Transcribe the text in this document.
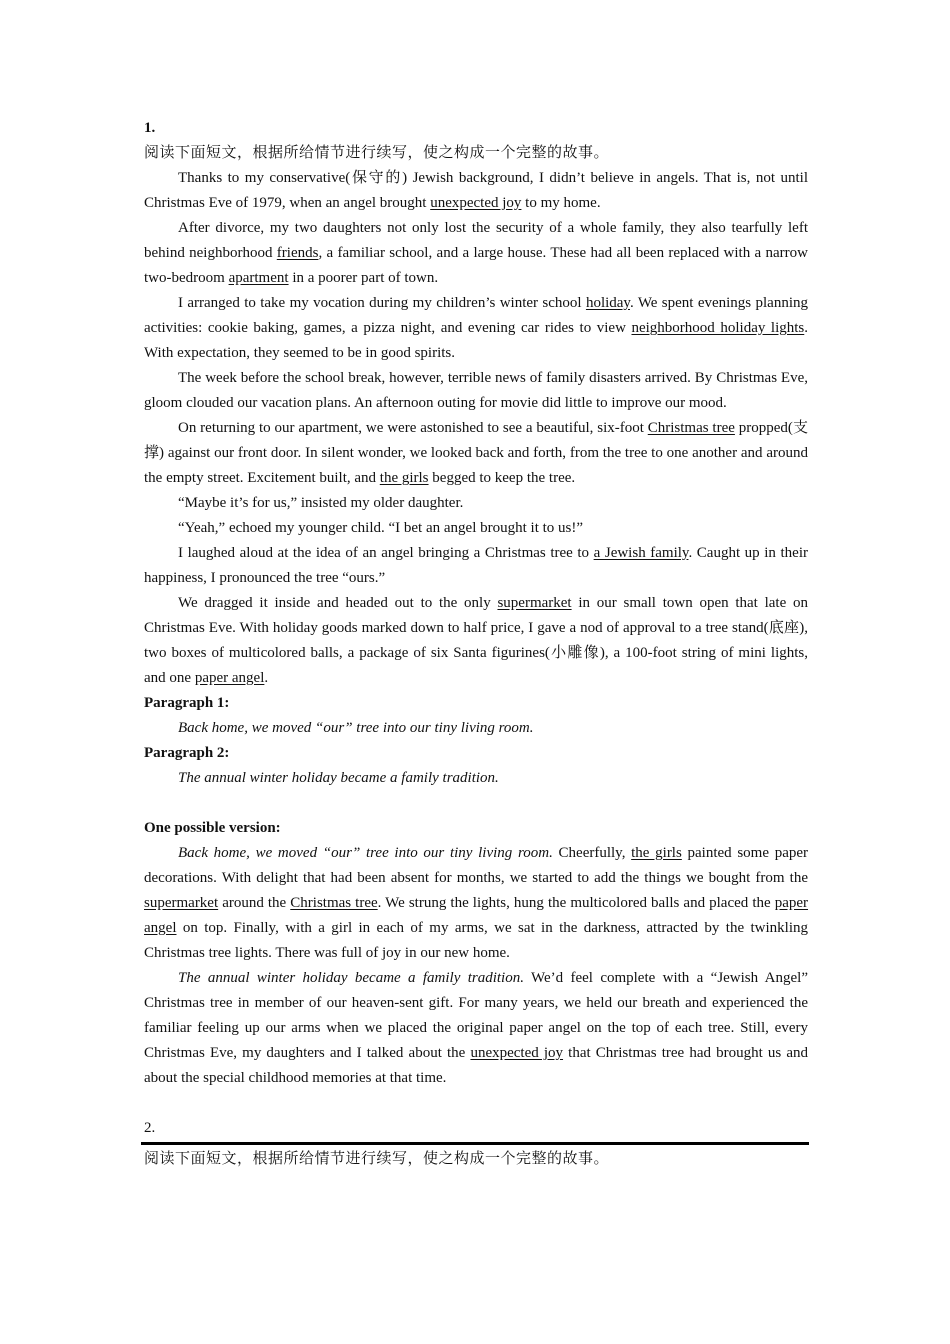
1.

阅读下面短文，根据所给情节进行续写，使之构成一个完整的故事。

Thanks to my conservative(保守的) Jewish background, I didn’t believe in angels. That is, not until Christmas Eve of 1979, when an angel brought unexpected joy to my home.

After divorce, my two daughters not only lost the security of a whole family, they also tearfully left behind neighborhood friends, a familiar school, and a large house. These had all been replaced with a narrow two-bedroom apartment in a poorer part of town.

I arranged to take my vocation during my children’s winter school holiday. We spent evenings planning activities: cookie baking, games, a pizza night, and evening car rides to view neighborhood holiday lights. With expectation, they seemed to be in good spirits.

The week before the school break, however, terrible news of family disasters arrived. By Christmas Eve, gloom clouded our vacation plans. An afternoon outing for movie did little to improve our mood.

On returning to our apartment, we were astonished to see a beautiful, six-foot Christmas tree propped(支撑) against our front door. In silent wonder, we looked back and forth, from the tree to one another and around the empty street. Excitement built, and the girls begged to keep the tree.

“Maybe it’s for us,” insisted my older daughter.

“Yeah,” echoed my younger child. “I bet an angel brought it to us!”

I laughed aloud at the idea of an angel bringing a Christmas tree to a Jewish family. Caught up in their happiness, I pronounced the tree “ours.”

We dragged it inside and headed out to the only supermarket in our small town open that late on Christmas Eve. With holiday goods marked down to half price, I gave a nod of approval to a tree stand(底座), two boxes of multicolored balls, a package of six Santa figurines(小雕像), a 100-foot string of mini lights, and one paper angel.

Paragraph 1:

Back home, we moved “our” tree into our tiny living room.

Paragraph 2:

The annual winter holiday became a family tradition.

One possible version:

Back home, we moved “our” tree into our tiny living room. Cheerfully, the girls painted some paper decorations. With delight that had been absent for months, we started to add the things we bought from the supermarket around the Christmas tree. We strung the lights, hung the multicolored balls and placed the paper angel on top. Finally, with a girl in each of my arms, we sat in the darkness, attracted by the twinkling Christmas tree lights. There was full of joy in our new home.

The annual winter holiday became a family tradition. We’d feel complete with a “Jewish Angel” Christmas tree in member of our heaven-sent gift. For many years, we held our breath and experienced the familiar feeling up our arms when we placed the original paper angel on the top of each tree. Still, every Christmas Eve, my daughters and I talked about the unexpected joy that Christmas tree had brought us and about the special childhood memories at that time.

2.

阅读下面短文，根据所给情节进行续写，使之构成一个完整的故事。
